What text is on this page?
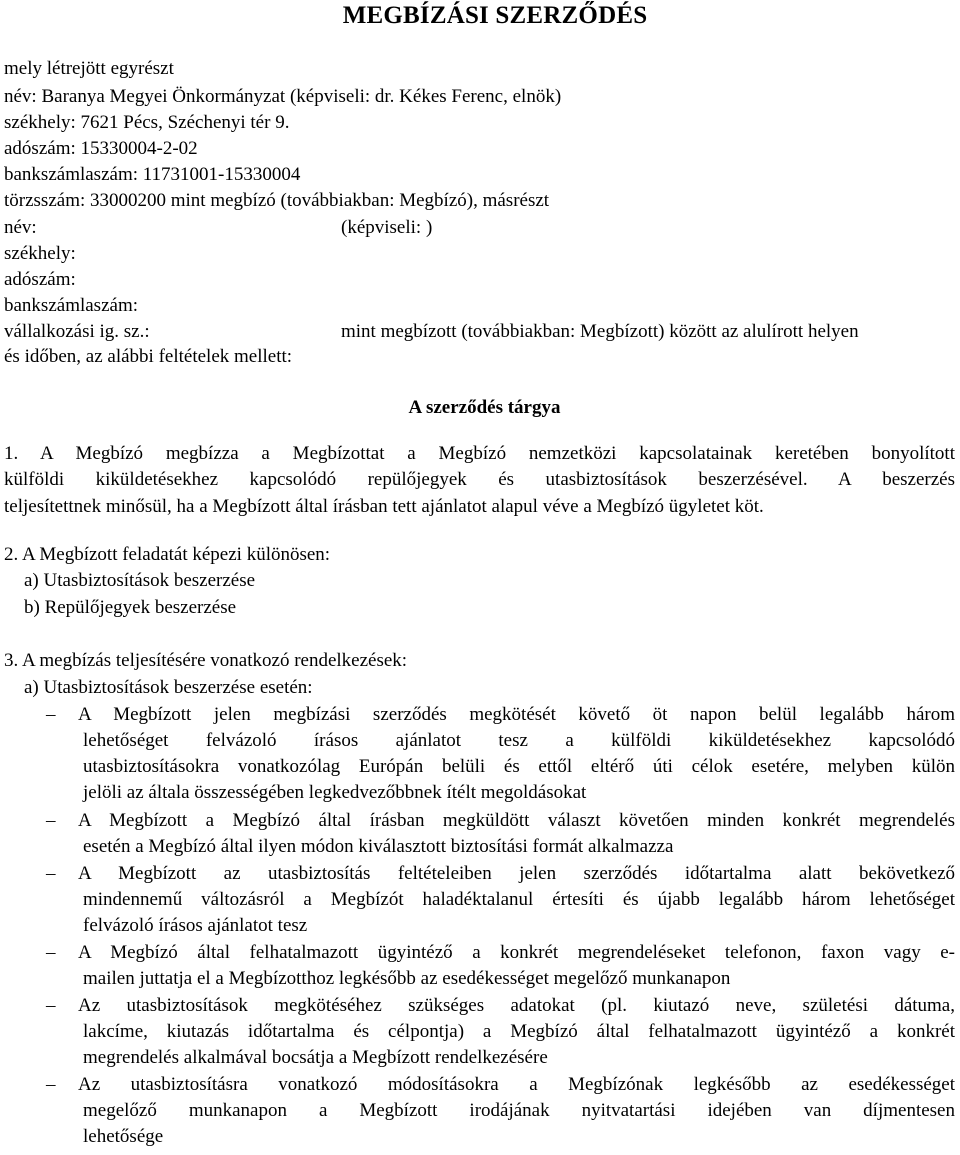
MEGBÍZÁSI SZERZŐDÉS
mely létrejött egyrészt
név: Baranya Megyei Önkormányzat (képviseli: dr. Kékes Ferenc, elnök)
székhely: 7621 Pécs, Széchenyi tér 9.
adószám: 15330004-2-02
bankszámlaszám: 11731001-15330004
törzsszám: 33000200 mint megbízó (továbbiakban: Megbízó), másrészt
név:	(képviseli: )
székhely:
adószám:
bankszámlaszám:
vállalkozási ig. sz.:	mint megbízott (továbbiakban: Megbízott) között az alulírott helyen
és időben, az alábbi feltételek mellett:
A szerződés tárgya
1. A Megbízó megbízza a Megbízottat a Megbízó nemzetközi kapcsolatainak keretében bonyolított
külföldi kiküldetésekhez kapcsolódó repülőjegyek és utasbiztosítások beszerzésével. A beszerzés
teljesítettnek minősül, ha a Megbízott által írásban tett ajánlatot alapul véve a Megbízó ügyletet köt.
2. A Megbízott feladatát képezi különösen:
a) Utasbiztosítások beszerzése
b) Repülőjegyek beszerzése
3. A megbízás teljesítésére vonatkozó rendelkezések:
a) Utasbiztosítások beszerzése esetén:
– A Megbízott jelen megbízási szerződés megkötését követő öt napon belül legalább három
lehetőséget felvázoló írásos ajánlatot tesz a külföldi kiküldetésekhez kapcsolódó
utasbiztosításokra vonatkozólag Európán belüli és ettől eltérő úti célok esetére, melyben külön
jelöli az általa összességében legkedvezőbbnek ítélt megoldásokat
– A Megbízott a Megbízó által írásban megküldött választ követően minden konkrét megrendelés
esetén a Megbízó által ilyen módon kiválasztott biztosítási formát alkalmazza
– A Megbízott az utasbiztosítás feltételeiben jelen szerződés időtartalma alatt bekövetkező
mindennemű változásról a Megbízót haladéktalanul értesíti és újabb legalább három lehetőséget
felvázoló írásos ajánlatot tesz
– A Megbízó által felhatalmazott ügyintéző a konkrét megrendeléseket telefonon, faxon vagy e-
mailen juttatja el a Megbízotthoz legkésőbb az esedékességet megelőző munkanapon
– Az utasbiztosítások megkötéséhez szükséges adatokat (pl. kiutazó neve, születési dátuma,
lakcíme, kiutazás időtartalma és célpontja) a Megbízó által felhatalmazott ügyintéző a konkrét
megrendelés alkalmával bocsátja a Megbízott rendelkezésére
– Az utasbiztosításra vonatkozó módosításokra a Megbízónak legkésőbb az esedékességet
megelőző munkanapon a Megbízott irodájának nyitvatartási idejében van díjmentesen
lehetősége
